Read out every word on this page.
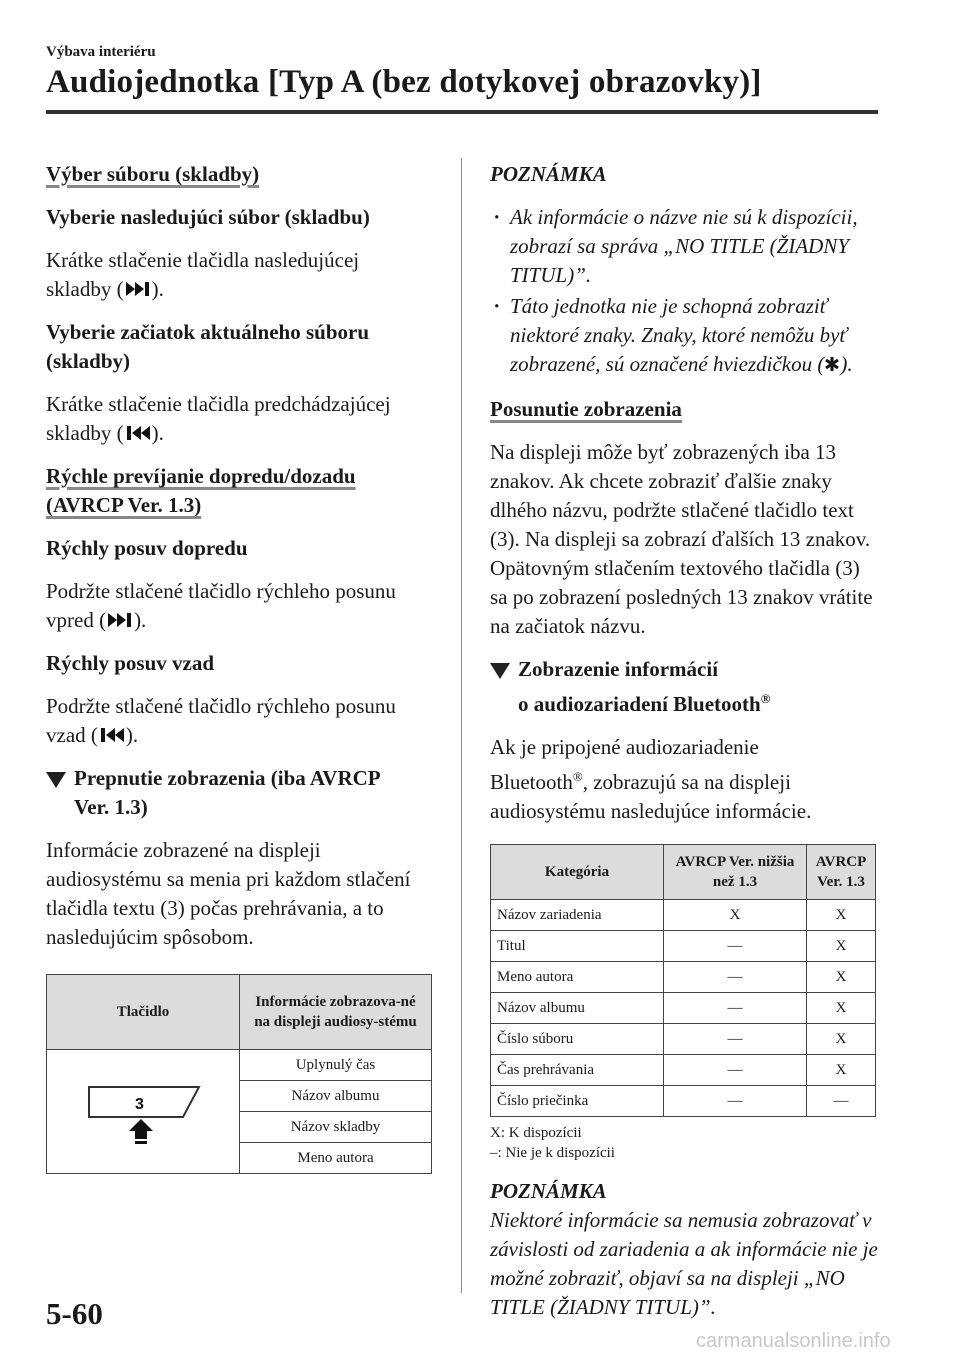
Výbava interiéru
Audiojednotka [Typ A (bez dotykovej obrazovky)]

Výber súboru (skladby)

Vyberie nasledujúci súbor (skladbu)

Krátke stlačenie tlačidla nasledujúcej
skladby ( ).

Vyberie začiatok aktuálneho súboru
(skladby)

Krátke stlačenie tlačidla predchádzajúcej
skladby ( ).

Rýchle prevíjanie dopredu/dozadu
(AVRCP Ver. 1.3)

Rýchly posuv dopredu

Podržte stlačené tlačidlo rýchleho posunu
vpred ( ).

Rýchly posuv vzad

Podržte stlačené tlačidlo rýchleho posunu
vzad ( ).

Prepnutie zobrazenia (iba AVRCP
Ver. 1.3)

Informácie zobrazené na displeji audiosystému sa menia pri každom stlačení tlačidla textu (3) počas prehrávania, a to nasledujúcim spôsobom.

Tlačidlo	Informácie zobrazova-né na displeji audiosy-stému

3	Uplynulý čas
	Názov albumu
	Názov skladby
	Meno autora

POZNÁMKA

· Ak informácie o názve nie sú k dispozícii, zobrazí sa správa „NO TITLE (ŽIADNY TITUL)”.

· Táto jednotka nie je schopná zobraziť niektoré znaky. Znaky, ktoré nemôžu byť zobrazené, sú označené hviezdičkou ( ).

Posunutie zobrazenia

Na displeji môže byť zobrazených iba 13 znakov. Ak chcete zobraziť ďalšie znaky dlhého názvu, podržte stlačené tlačidlo text (3). Na displeji sa zobrazí ďalších 13 znakov. Opätovným stlačením textového tlačidla (3) sa po zobrazení posledných 13 znakov vrátite na začiatok názvu.

Zobrazenie informácií
o audiozariadení Bluetooth®

Ak je pripojené audiozariadenie
Bluetooth®, zobrazujú sa na displeji
audiosystému nasledujúce informácie.

Kategória	AVRCP Ver. nižšia než 1.3	AVRCP Ver. 1.3
Názov zariadenia	X	X
Titul	—	X
Meno autora	—	X
Názov albumu	—	X
Číslo súboru	—	X
Čas prehrávania	—	X
Číslo priečinka	—	—
X: K dispozícii
–: Nie je k dispozícii

POZNÁMKA

Niektoré informácie sa nemusia zobrazovať v závislosti od zariadenia a ak informácie nie je možné zobraziť, objaví sa na displeji „NO TITLE (ŽIADNY TITUL)”.

5-60
carmanualsonline.info
